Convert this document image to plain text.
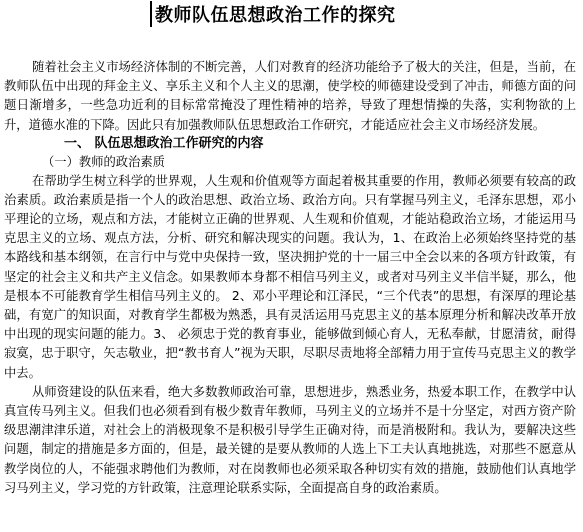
教师队伍思想政治工作的探究

随着社会主义市场经济体制的不断完善，人们对教育的经济功能给予了极大的关注，但是，当前，在教师队伍中出现的拜金主义、享乐主义和个人主义的思潮，使学校的师德建设受到了冲击，师德方面的问题日渐增多，一些急功近利的目标常常掩没了理性精神的培养，导致了理想情操的失落，实利物欲的上升，道德水准的下降。因此只有加强教师队伍思想政治工作研究，才能适应社会主义市场经济发展。

一、 队伍思想政治工作研究的内容

（一）教师的政治素质

在帮助学生树立科学的世界观，人生观和价值观等方面起着极其重要的作用，教师必须要有较高的政治素质。政治素质是指一个人的政治思想、政治立场、政治方向。只有掌握马列主义，毛泽东思想，邓小平理论的立场，观点和方法，才能树立正确的世界观、人生观和价值观，才能站稳政治立场，才能运用马克思主义的立场、观点方法，分析、研究和解决现实的问题。我认为，1、在政治上必须始终坚持党的基本路线和基本纲领，在言行中与党中央保持一致，坚决拥护党的十一届三中全会以来的各项方针政策，有坚定的社会主义和共产主义信念。如果教师本身都不相信马列主义，或者对马列主义半信半疑，那么，他是根本不可能教育学生相信马列主义的。 2、邓小平理论和江泽民，“三个代表”的思想，有深厚的理论基础，有宽广的知识面，对教育学生都极为熟悉，具有灵活运用马克思主义的基本原理分析和解决改革开放中出现的现实问题的能力。3、 必须忠于党的教育事业，能够做到倾心育人，无私奉献，甘愿清贫，耐得寂寞，忠于职守，矢志敬业，把“教书育人”视为天职，尽职尽责地将全部精力用于宣传马克思主义的教学中去。

从师资建设的队伍来看，绝大多数教师政治可靠，思想进步，熟悉业务，热爱本职工作，在教学中认真宣传马列主义。但我们也必须看到有极少数青年教师，马列主义的立场并不是十分坚定，对西方资产阶级思潮津津乐道，对社会上的消极现象不是积极引导学生正确对待，而是消极附和。我认为，要解决这些问题，制定的措施是多方面的，但是，最关键的是要从教师的人选上下工夫认真地挑选，对那些不愿意从教学岗位的人，不能强求聘他们为教师，对在岗教师也必须采取各种切实有效的措施，鼓励他们认真地学习马列主义，学习党的方针政策，注意理论联系实际，全面提高自身的政治素质。
